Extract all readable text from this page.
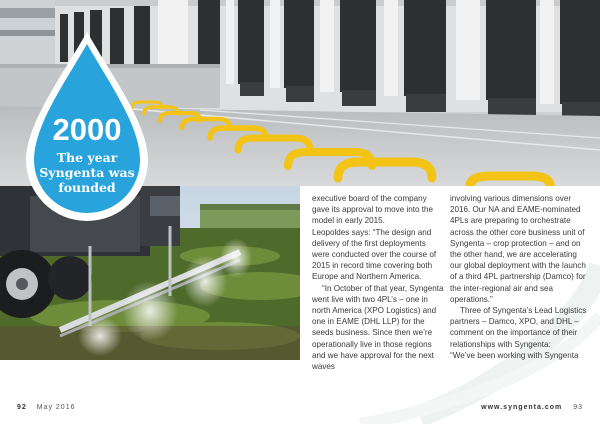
2000
The year
Syngenta was
founded

executive board of the company gave its approval to move into the model in early 2015.

Leopoldes says: “The design and delivery of the first deployments were conducted over the course of 2015 in record time covering both Europe and Northern America.

“In October of that year, Syngenta went live with two 4PL’s – one in north America (XPO Logistics) and one in EAME (DHL LLP) for the seeds business. Since then we’re operationally live in those regions and we have approval for the next waves

involving various dimensions over 2016. Our NA and EAME-nominated 4PLs are preparing to orchestrate across the other core business unit of Syngenta – crop protection – and on the other hand, we are accelerating our global deployment with the launch of a third 4PL partnership (Damco) for the inter-regional air and sea operations.”

Three of Syngenta’s Lead Logistics partners – Damco, XPO, and DHL – comment on the importance of their relationships with Syngenta:

“We’ve been working with Syngenta

92 May 2016	www.syngenta.com 93
